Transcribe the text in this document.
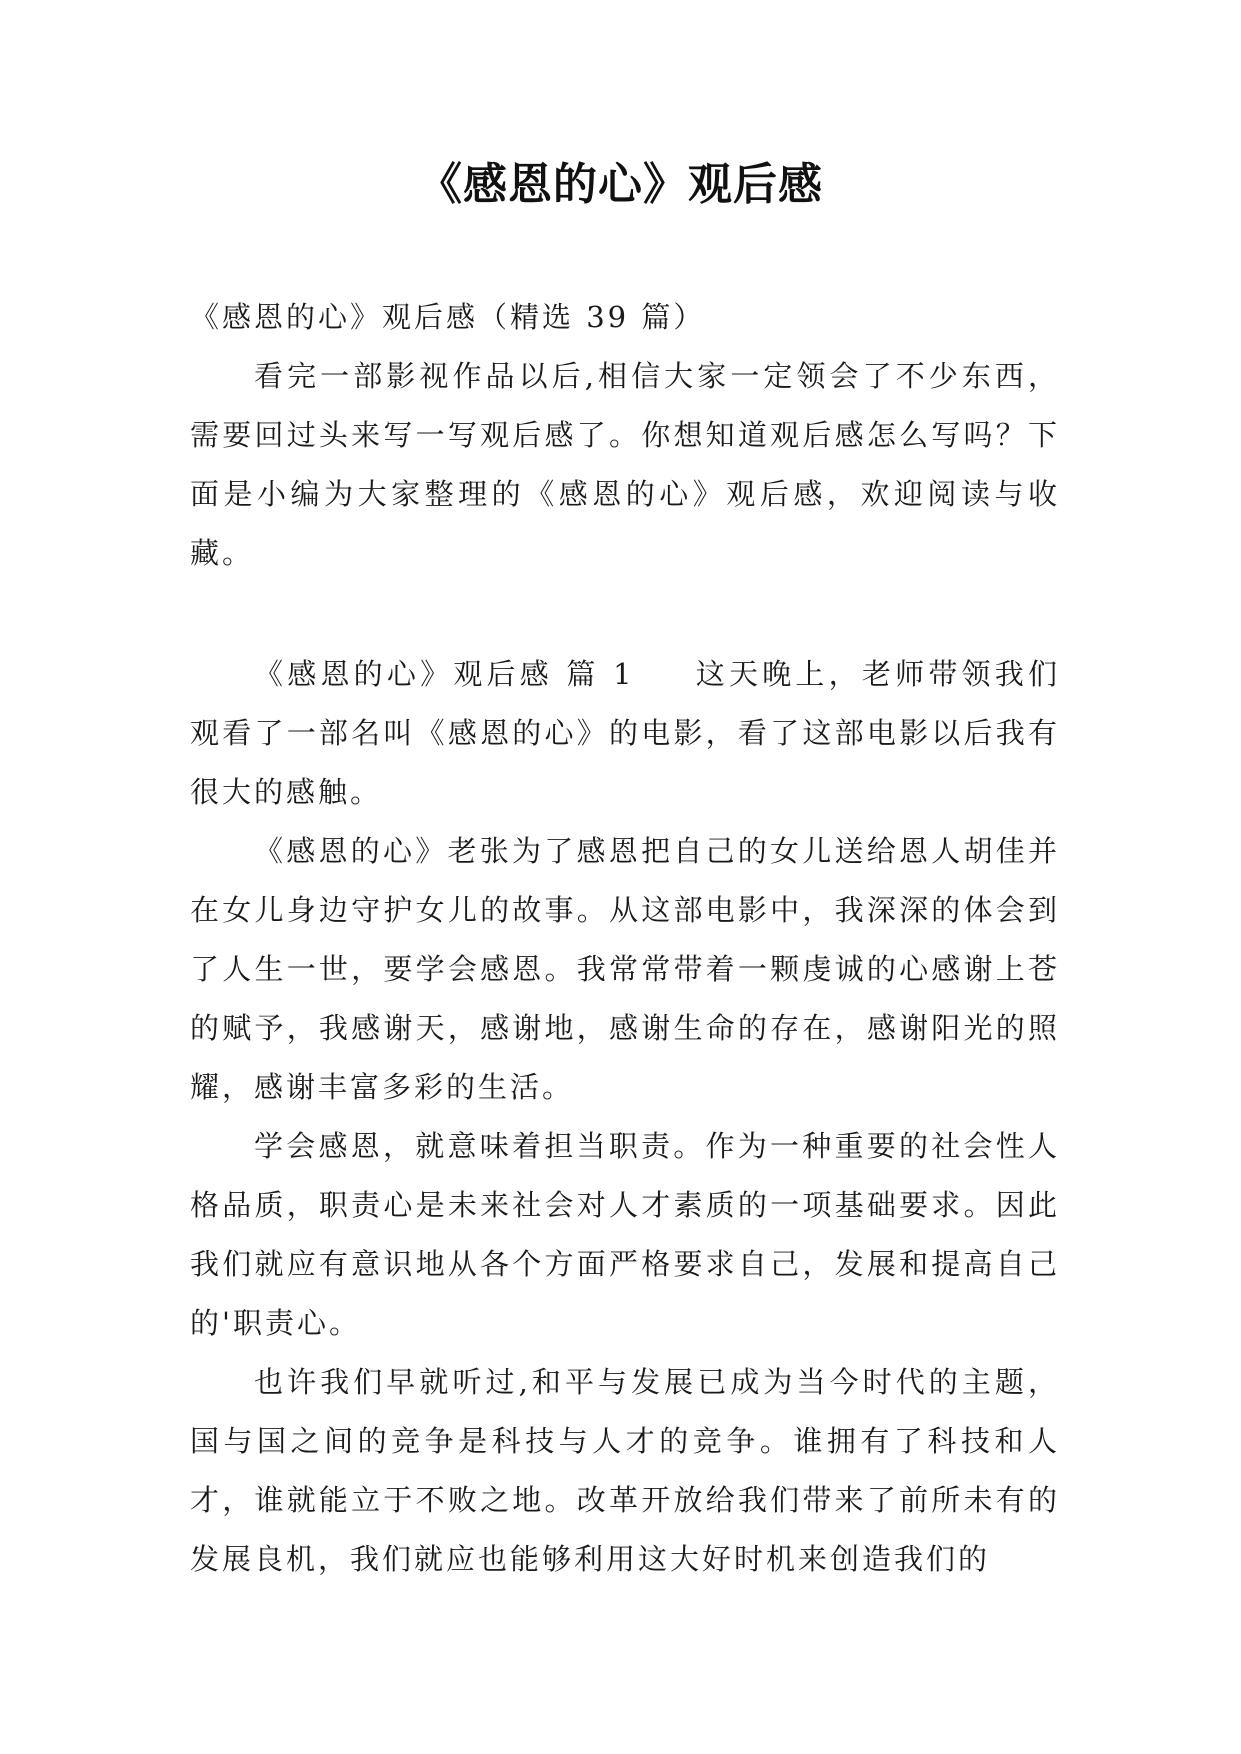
《感恩的心》观后感

《感恩的心》观后感（精选 39 篇）

看完一部影视作品以后,相信大家一定领会了不少东西，需要回过头来写一写观后感了。你想知道观后感怎么写吗？下面是小编为大家整理的《感恩的心》观后感，欢迎阅读与收藏。

《感恩的心》观后感 篇 1 这天晚上，老师带领我们观看了一部名叫《感恩的心》的电影，看了这部电影以后我有很大的感触。

《感恩的心》老张为了感恩把自己的女儿送给恩人胡佳并在女儿身边守护女儿的故事。从这部电影中，我深深的体会到了人生一世，要学会感恩。我常常带着一颗虔诚的心感谢上苍的赋予，我感谢天，感谢地，感谢生命的存在，感谢阳光的照耀，感谢丰富多彩的生活。

学会感恩，就意味着担当职责。作为一种重要的社会性人格品质，职责心是未来社会对人才素质的一项基础要求。因此我们就应有意识地从各个方面严格要求自己，发展和提高自己的'职责心。

也许我们早就听过,和平与发展已成为当今时代的主题，国与国之间的竞争是科技与人才的竞争。谁拥有了科技和人才，谁就能立于不败之地。改革开放给我们带来了前所未有的发展良机，我们就应也能够利用这大好时机来创造我们的
